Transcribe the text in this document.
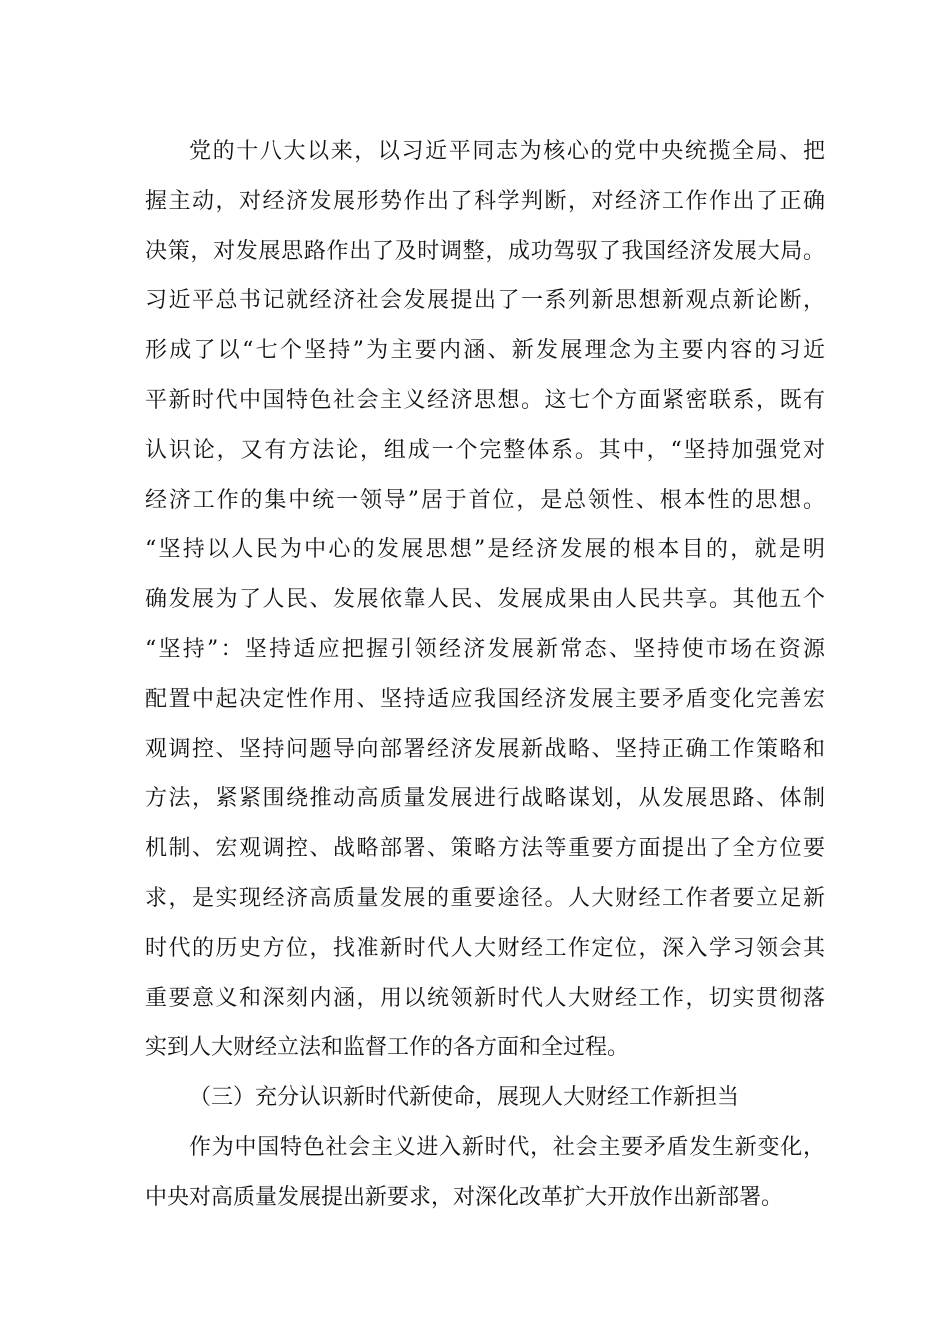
党的十八大以来，以习近平同志为核心的党中央统揽全局、把
握主动，对经济发展形势作出了科学判断，对经济工作作出了正确
决策，对发展思路作出了及时调整，成功驾驭了我国经济发展大局。
习近平总书记就经济社会发展提出了一系列新思想新观点新论断，
形成了以“七个坚持”为主要内涵、新发展理念为主要内容的习近
平新时代中国特色社会主义经济思想。这七个方面紧密联系，既有
认识论，又有方法论，组成一个完整体系。其中，“坚持加强党对
经济工作的集中统一领导”居于首位，是总领性、根本性的思想。
“坚持以人民为中心的发展思想”是经济发展的根本目的，就是明
确发展为了人民、发展依靠人民、发展成果由人民共享。其他五个
“坚持”：坚持适应把握引领经济发展新常态、坚持使市场在资源
配置中起决定性作用、坚持适应我国经济发展主要矛盾变化完善宏
观调控、坚持问题导向部署经济发展新战略、坚持正确工作策略和
方法，紧紧围绕推动高质量发展进行战略谋划，从发展思路、体制
机制、宏观调控、战略部署、策略方法等重要方面提出了全方位要
求，是实现经济高质量发展的重要途径。人大财经工作者要立足新
时代的历史方位，找准新时代人大财经工作定位，深入学习领会其
重要意义和深刻内涵，用以统领新时代人大财经工作，切实贯彻落
实到人大财经立法和监督工作的各方面和全过程。
（三）充分认识新时代新使命，展现人大财经工作新担当
作为中国特色社会主义进入新时代，社会主要矛盾发生新变化，
中央对高质量发展提出新要求，对深化改革扩大开放作出新部署。
